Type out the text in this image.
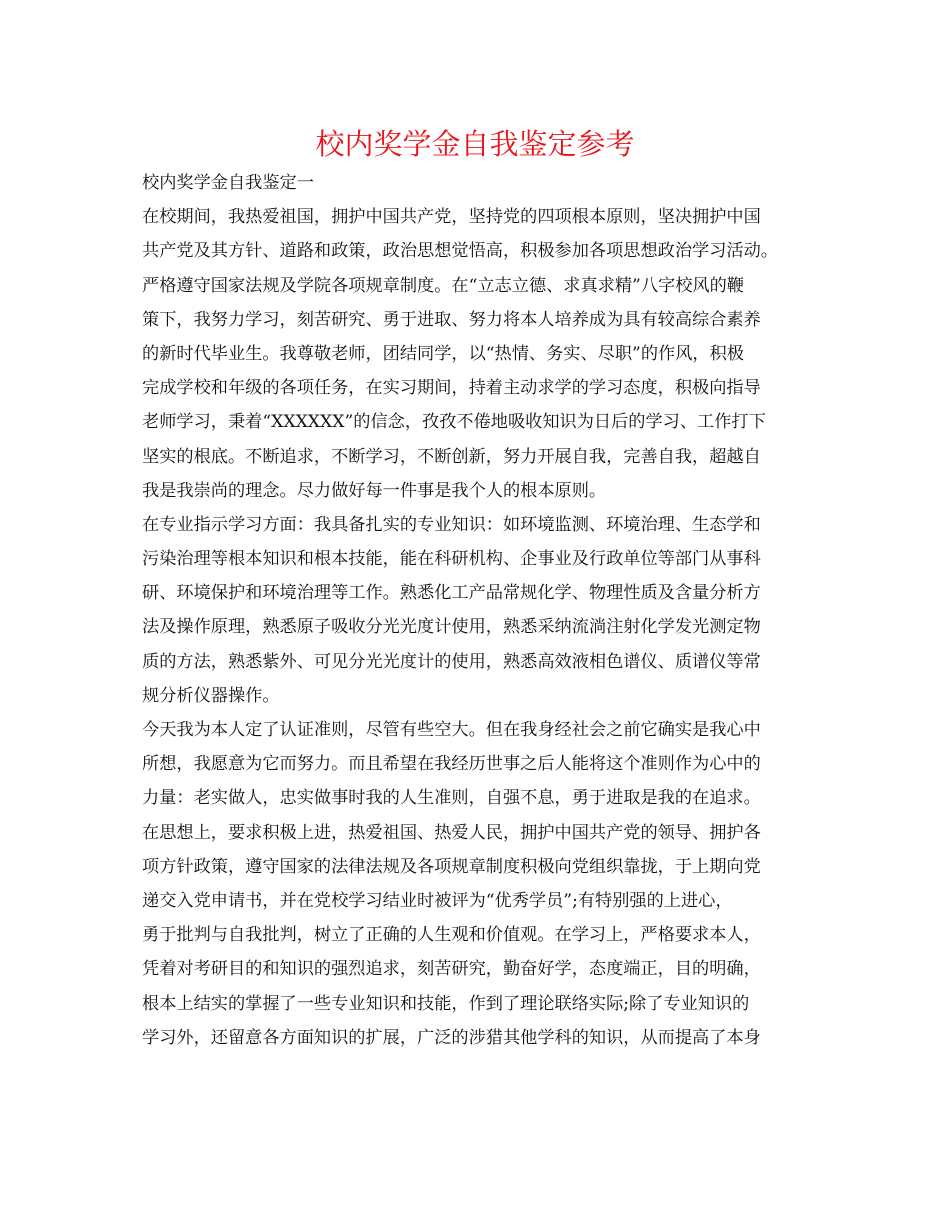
校内奖学金自我鉴定参考
校内奖学金自我鉴定一
在校期间，我热爱祖国，拥护中国共产党，坚持党的四项根本原则，坚决拥护中国
共产党及其方针、道路和政策，政治思想觉悟高，积极参加各项思想政治学习活动。
严格遵守国家法规及学院各项规章制度。在“立志立德、求真求精”八字校风的鞭
策下，我努力学习，刻苦研究、勇于进取、努力将本人培养成为具有较高综合素养
的新时代毕业生。我尊敬老师，团结同学，以“热情、务实、尽职”的作风，积极
完成学校和年级的各项任务，在实习期间，持着主动求学的学习态度，积极向指导
老师学习，秉着“XXXXXX”的信念，孜孜不倦地吸收知识为日后的学习、工作打下
坚实的根底。不断追求，不断学习，不断创新，努力开展自我，完善自我，超越自
我是我崇尚的理念。尽力做好每一件事是我个人的根本原则。
在专业指示学习方面：我具备扎实的专业知识：如环境监测、环境治理、生态学和
污染治理等根本知识和根本技能，能在科研机构、企事业及行政单位等部门从事科
研、环境保护和环境治理等工作。熟悉化工产品常规化学、物理性质及含量分析方
法及操作原理，熟悉原子吸收分光光度计使用，熟悉采纳流淌注射化学发光测定物
质的方法，熟悉紫外、可见分光光度计的使用，熟悉高效液相色谱仪、质谱仪等常
规分析仪器操作。
今天我为本人定了认证准则，尽管有些空大。但在我身经社会之前它确实是我心中
所想，我愿意为它而努力。而且希望在我经历世事之后人能将这个准则作为心中的
力量：老实做人，忠实做事时我的人生准则，自强不息，勇于进取是我的在追求。
在思想上，要求积极上进，热爱祖国、热爱人民，拥护中国共产党的领导、拥护各
项方针政策，遵守国家的法律法规及各项规章制度积极向党组织靠拢，于上期向党
递交入党申请书，并在党校学习结业时被评为“优秀学员”;有特别强的上进心，
勇于批判与自我批判，树立了正确的人生观和价值观。在学习上，严格要求本人，
凭着对考研目的和知识的强烈追求，刻苦研究，勤奋好学，态度端正，目的明确，
根本上结实的掌握了一些专业知识和技能，作到了理论联络实际;除了专业知识的
学习外，还留意各方面知识的扩展，广泛的涉猎其他学科的知识，从而提高了本身
